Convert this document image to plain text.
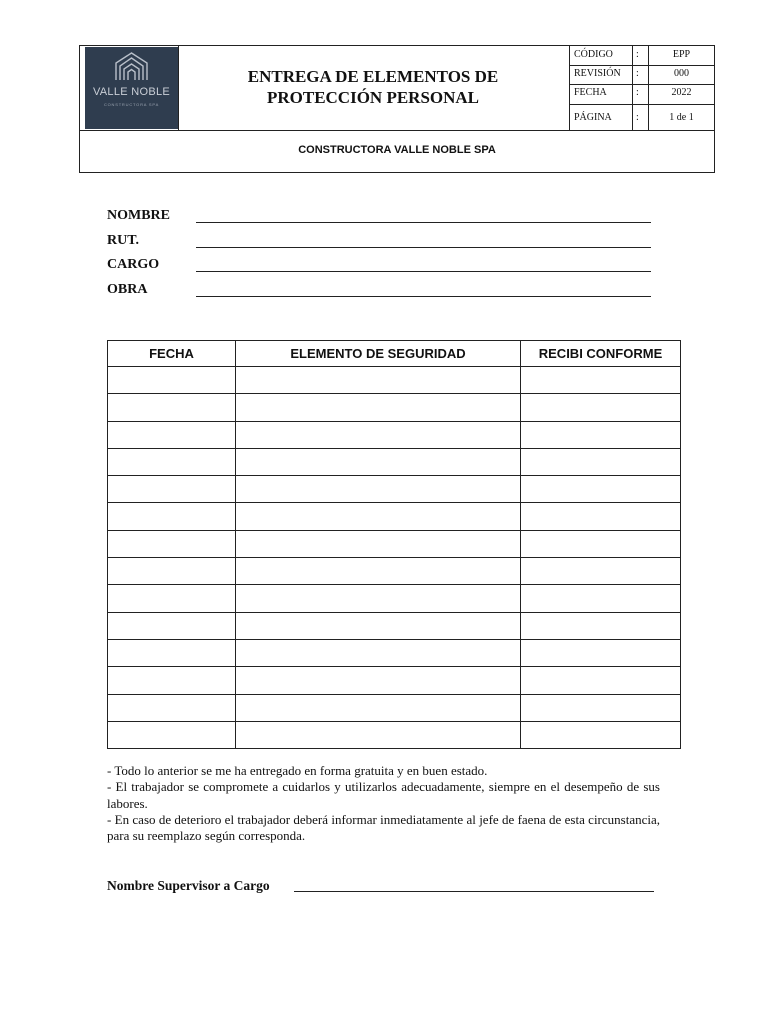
VALLE NOBLE
CONSTRUCTORA SPA
ENTREGA DE ELEMENTOS DE
PROTECCIÓN PERSONAL
CÓDIGO :	EPP
REVISIÓN :	000
FECHA	:	2022
PÁGINA :	1 de 1
CONSTRUCTORA VALLE NOBLE SPA
NOMBRE
RUT.
CARGO
OBRA
FECHA	ELEMENTO DE SEGURIDAD	RECIBI CONFORME

- Todo lo anterior se me ha entregado en forma gratuita y en buen estado.

- El trabajador se compromete a cuidarlos y utilizarlos adecuadamente, siempre en el desempeño de sus labores.

- En caso de deterioro el trabajador deberá informar inmediatamente al jefe de faena de esta circunstancia, para su reemplazo según corresponda.

Nombre Supervisor a Cargo
